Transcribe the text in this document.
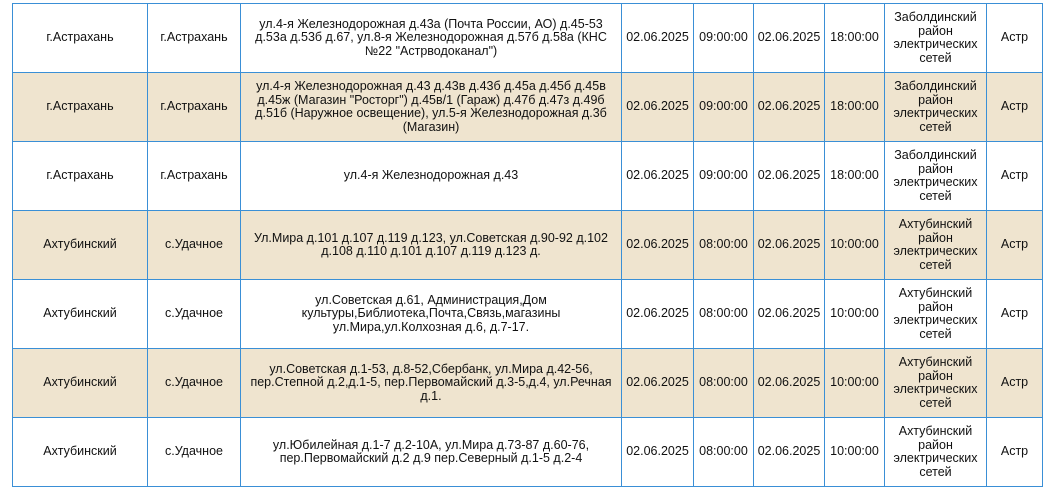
г.Астрахань	г.Астрахань	ул.4-я Железнодорожная д.43а (Почта России, АО) д.45-53 д.53а д.53б д.67, ул.8-я Железнодорожная д.57б д.58а (КНС №22 "Астрводоканал")	02.06.2025	09:00:00	02.06.2025	18:00:00	Заболдинский район электрических сетей	Астр
г.Астрахань	г.Астрахань	ул.4-я Железнодорожная д.43 д.43в д.43б д.45а д.45б д.45в д.45ж (Магазин "Росторг") д.45в/1 (Гараж) д.47б д.47з д.49б д.51б (Наружное освещение), ул.5-я Железнодорожная д.3б (Магазин)	02.06.2025	09:00:00	02.06.2025	18:00:00	Заболдинский район электрических сетей	Астр
г.Астрахань	г.Астрахань	ул.4-я Железнодорожная д.43	02.06.2025	09:00:00	02.06.2025	18:00:00	Заболдинский район электрических сетей	Астр
Ахтубинский	с.Удачное	Ул.Мира д.101 д.107 д.119 д.123, ул.Советская д.90-92 д.102 д.108 д.110 д.101 д.107 д.119 д.123 д.	02.06.2025	08:00:00	02.06.2025	10:00:00	Ахтубинский район электрических сетей	Астр
Ахтубинский	с.Удачное	ул.Советская д.61, Администрация,Дом культуры,Библиотека,Почта,Связь,магазины ул.Мира,ул.Колхозная д.6, д.7-17.	02.06.2025	08:00:00	02.06.2025	10:00:00	Ахтубинский район электрических сетей	Астр
Ахтубинский	с.Удачное	ул.Советская д.1-53, д.8-52,Сбербанк, ул.Мира д.42-56, пер.Степной д.2,д.1-5, пер.Первомайский д.3-5,д.4, ул.Речная д.1.	02.06.2025	08:00:00	02.06.2025	10:00:00	Ахтубинский район электрических сетей	Астр
Ахтубинский	с.Удачное	ул.Юбилейная д.1-7 д.2-10А, ул.Мира д.73-87 д.60-76, пер.Первомайский д.2 д.9 пер.Северный д.1-5 д.2-4	02.06.2025	08:00:00	02.06.2025	10:00:00	Ахтубинский район электрических сетей	Астр
